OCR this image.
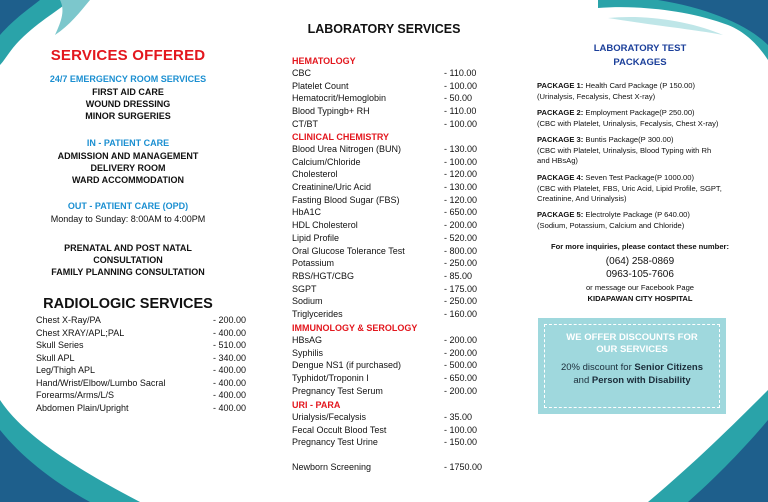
SERVICES OFFERED
24/7 EMERGENCY ROOM SERVICES
FIRST AID CARE
WOUND DRESSING
MINOR SURGERIES
IN - PATIENT CARE
ADMISSION AND MANAGEMENT
DELIVERY ROOM
WARD ACCOMMODATION
OUT - PATIENT CARE (OPD)
Monday to Sunday: 8:00AM to 4:00PM
PRENATAL AND POST NATAL
CONSULTATION
FAMILY PLANNING CONSULTATION
RADIOLOGIC SERVICES
Chest X-Ray/PA	- 200.00
Chest XRAY/APL;PAL	- 400.00
Skull Series	- 510.00
Skull APL	- 340.00
Leg/Thigh APL	- 400.00
Hand/Wrist/Elbow/Lumbo Sacral	- 400.00
Forearms/Arms/L/S	- 400.00
Abdomen Plain/Upright	- 400.00
LABORATORY SERVICES
HEMATOLOGY
CBC	- 110.00
Platelet Count	- 100.00
Hematocrit/Hemoglobin	- 50.00
Blood Typingb+ RH	- 110.00
CT/BT	- 100.00
CLINICAL CHEMISTRY
Blood Urea Nitrogen (BUN)	- 130.00
Calcium/Chloride	- 100.00
Cholesterol	- 120.00
Creatinine/Uric Acid	- 130.00
Fasting Blood Sugar (FBS)	- 120.00
HbA1C	- 650.00
HDL Cholesterol	- 200.00
Lipid Profile	- 520.00
Oral Glucose Tolerance Test	- 800.00
Potassium	- 250.00
RBS/HGT/CBG	- 85.00
SGPT	- 175.00
Sodium	- 250.00
Triglycerides	- 160.00
IMMUNOLOGY & SEROLOGY
HBsAG	- 200.00
Syphilis	- 200.00
Dengue NS1 (if purchased)	- 500.00
Typhidot/Troponin I	- 650.00
Pregnancy Test Serum	- 200.00
URI - PARA
Urialysis/Fecalysis	- 35.00
Fecal Occult Blood Test	- 100.00
Pregnancy Test Urine	- 150.00
Newborn Screening	- 1750.00
LABORATORY TEST
PACKAGES
PACKAGE 1: Health Card Package (P 150.00)
(Urinalysis, Fecalysis, Chest X-ray)
PACKAGE 2: Employment Package(P 250.00)
(CBC with Platelet, Urinalysis, Fecalysis, Chest X-ray)
PACKAGE 3: Buntis Package(P 300.00)
(CBC with Platelet, Urinalysis, Blood Typing with Rh and HBsAg)
PACKAGE 4: Seven Test Package(P 1000.00)
(CBC with Platelet, FBS, Uric Acid, Lipid Profile, SGPT, Creatinine, And Urinalysis)
PACKAGE 5: Electrolyte Package (P 640.00)
(Sodium, Potassium, Calcium and Chloride)
For more inquiries, please contact these number:
(064) 258-0869
0963-105-7606
or message our Facebook Page
KIDAPAWAN CITY HOSPITAL
WE OFFER DISCOUNTS FOR
OUR SERVICES
20% discount for Senior Citizens
and Person with Disability
